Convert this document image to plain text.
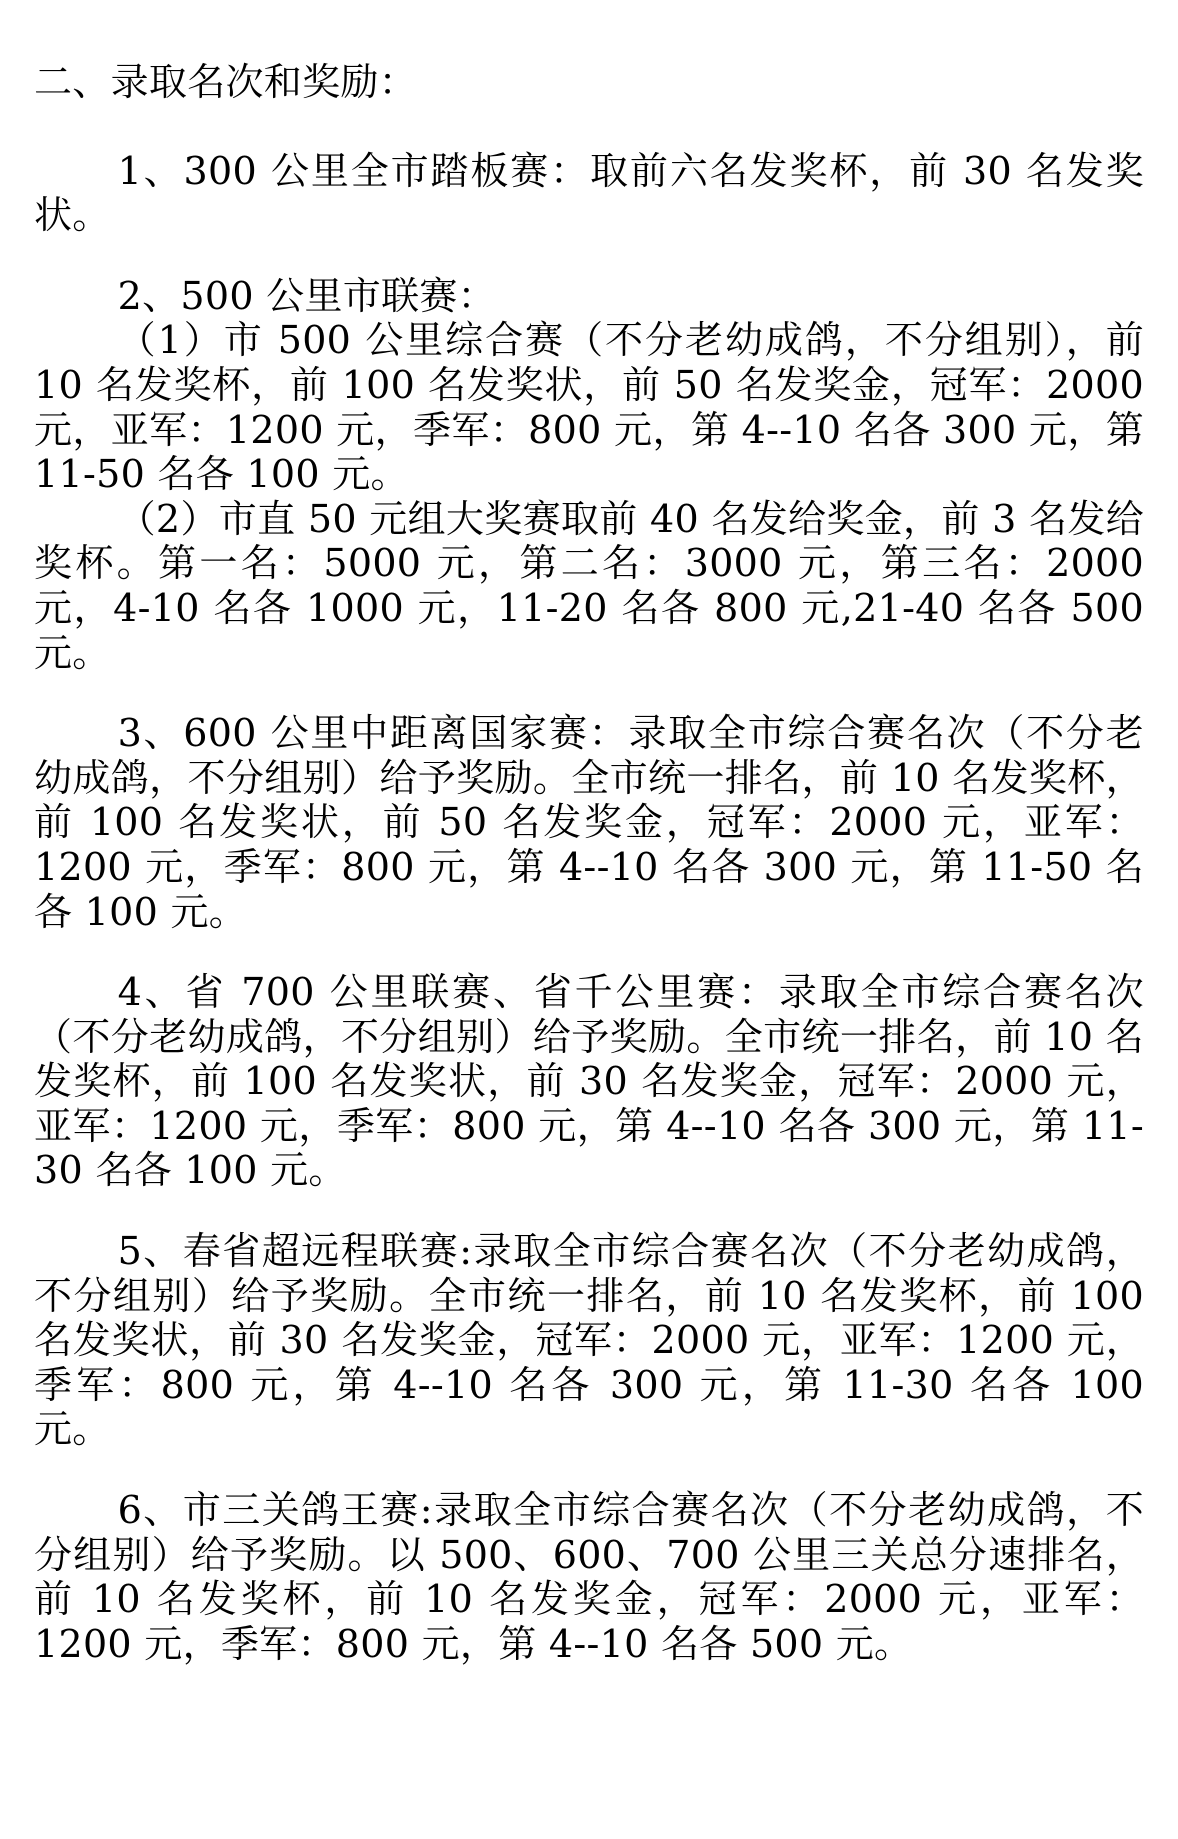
二、录取名次和奖励：

1、300 公里全市踏板赛：取前六名发奖杯，前 30 名发奖状。

2、500 公里市联赛：

（1）市 500 公里综合赛（不分老幼成鸽，不分组别），前 10 名发奖杯，前 100 名发奖状，前 50 名发奖金，冠军：2000 元，亚军：1200 元，季军：800 元，第 4--10 名各 300 元，第 11-50 名各 100 元。

（2）市直 50 元组大奖赛取前 40 名发给奖金，前 3 名发给奖杯。第一名：5000 元，第二名：3000 元，第三名：2000 元，4-10 名各 1000 元，11-20 名各 800 元,21-40 名各 500 元。

3、600 公里中距离国家赛：录取全市综合赛名次（不分老幼成鸽，不分组别）给予奖励。全市统一排名，前 10 名发奖杯，前 100 名发奖状，前 50 名发奖金，冠军：2000 元，亚军：1200 元，季军：800 元，第 4--10 名各 300 元，第 11-50 名各 100 元。

4、省 700 公里联赛、省千公里赛：录取全市综合赛名次（不分老幼成鸽，不分组别）给予奖励。全市统一排名，前 10 名发奖杯，前 100 名发奖状，前 30 名发奖金，冠军：2000 元，亚军：1200 元，季军：800 元，第 4--10 名各 300 元，第 11-30 名各 100 元。

5、春省超远程联赛:录取全市综合赛名次（不分老幼成鸽，不分组别）给予奖励。全市统一排名，前 10 名发奖杯，前 100 名发奖状，前 30 名发奖金，冠军：2000 元，亚军：1200 元，季军：800 元，第 4--10 名各 300 元，第 11-30 名各 100 元。

6、市三关鸽王赛:录取全市综合赛名次（不分老幼成鸽，不分组别）给予奖励。以 500、600、700 公里三关总分速排名，前 10 名发奖杯，前 10 名发奖金，冠军：2000 元，亚军：1200 元，季军：800 元，第 4--10 名各 500 元。
